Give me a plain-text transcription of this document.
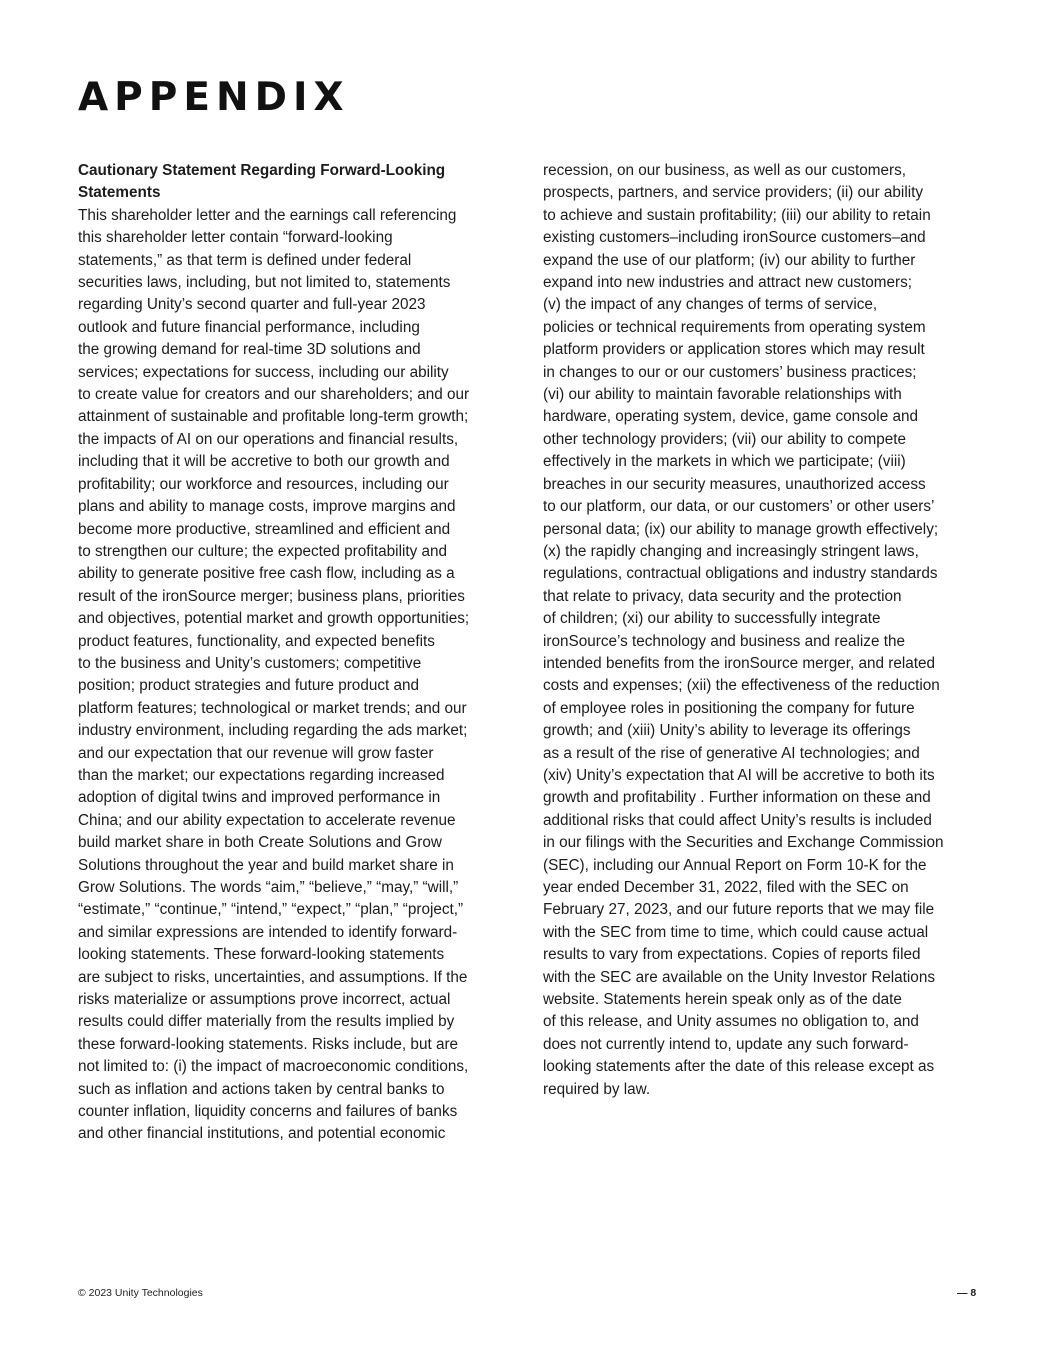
APPENDIX
Cautionary Statement Regarding Forward-Looking
Statements
This shareholder letter and the earnings call referencing
this shareholder letter contain “forward-looking
statements,” as that term is defined under federal
securities laws, including, but not limited to, statements
regarding Unity’s second quarter and full-year 2023
outlook and future financial performance, including
the growing demand for real-time 3D solutions and
services; expectations for success, including our ability
to create value for creators and our shareholders; and our
attainment of sustainable and profitable long-term growth;
the impacts of AI on our operations and financial results,
including that it will be accretive to both our growth and
profitability; our workforce and resources, including our
plans and ability to manage costs, improve margins and
become more productive, streamlined and efficient and
to strengthen our culture; the expected profitability and
ability to generate positive free cash flow, including as a
result of the ironSource merger; business plans, priorities
and objectives, potential market and growth opportunities;
product features, functionality, and expected benefits
to the business and Unity’s customers; competitive
position; product strategies and future product and
platform features; technological or market trends; and our
industry environment, including regarding the ads market;
and our expectation that our revenue will grow faster
than the market; our expectations regarding increased
adoption of digital twins and improved performance in
China; and our ability expectation to accelerate revenue
build market share in both Create Solutions and Grow
Solutions throughout the year and build market share in
Grow Solutions. The words “aim,” “believe,” “may,” “will,”
“estimate,” “continue,” “intend,” “expect,” “plan,” “project,”
and similar expressions are intended to identify forward-
looking statements. These forward-looking statements
are subject to risks, uncertainties, and assumptions. If the
risks materialize or assumptions prove incorrect, actual
results could differ materially from the results implied by
these forward-looking statements. Risks include, but are
not limited to: (i) the impact of macroeconomic conditions,
such as inflation and actions taken by central banks to
counter inflation, liquidity concerns and failures of banks
and other financial institutions, and potential economic
recession, on our business, as well as our customers,
prospects, partners, and service providers; (ii) our ability
to achieve and sustain profitability; (iii) our ability to retain
existing customers–including ironSource customers–and
expand the use of our platform; (iv) our ability to further
expand into new industries and attract new customers;
(v) the impact of any changes of terms of service,
policies or technical requirements from operating system
platform providers or application stores which may result
in changes to our or our customers’ business practices;
(vi) our ability to maintain favorable relationships with
hardware, operating system, device, game console and
other technology providers; (vii) our ability to compete
effectively in the markets in which we participate; (viii)
breaches in our security measures, unauthorized access
to our platform, our data, or our customers’ or other users’
personal data; (ix) our ability to manage growth effectively;
(x) the rapidly changing and increasingly stringent laws,
regulations, contractual obligations and industry standards
that relate to privacy, data security and the protection
of children; (xi) our ability to successfully integrate
ironSource’s technology and business and realize the
intended benefits from the ironSource merger, and related
costs and expenses; (xii) the effectiveness of the reduction
of employee roles in positioning the company for future
growth; and (xiii) Unity’s ability to leverage its offerings
as a result of the rise of generative AI technologies; and
(xiv) Unity’s expectation that AI will be accretive to both its
growth and profitability . Further information on these and
additional risks that could affect Unity’s results is included
in our filings with the Securities and Exchange Commission
(SEC), including our Annual Report on Form 10-K for the
year ended December 31, 2022, filed with the SEC on
February 27, 2023, and our future reports that we may file
with the SEC from time to time, which could cause actual
results to vary from expectations. Copies of reports filed
with the SEC are available on the Unity Investor Relations
website. Statements herein speak only as of the date
of this release, and Unity assumes no obligation to, and
does not currently intend to, update any such forward-
looking statements after the date of this release except as
required by law.
© 2023 Unity Technologies	— 8
